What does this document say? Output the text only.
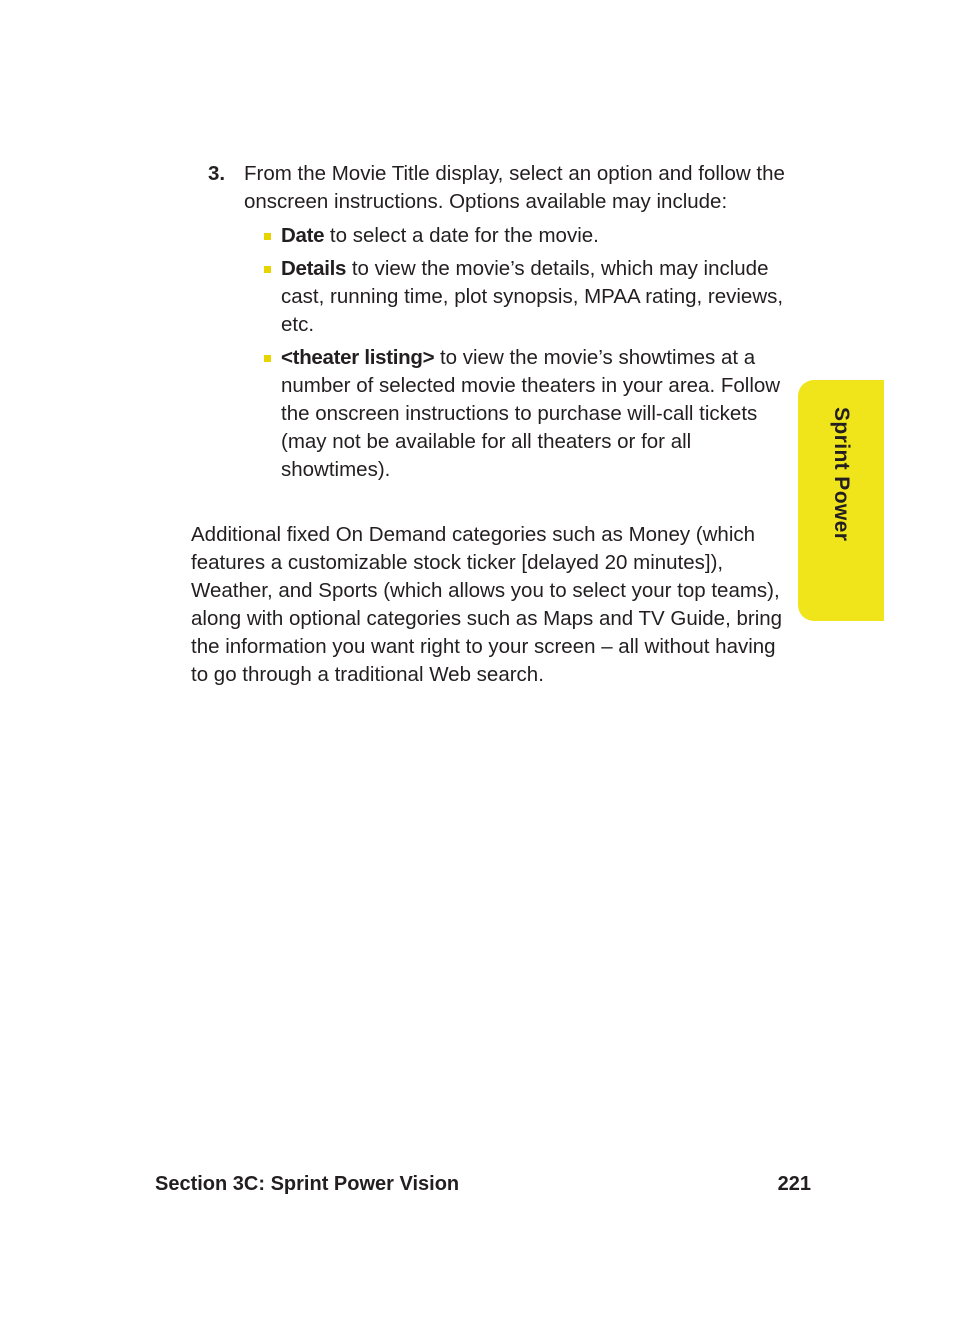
3. From the Movie Title display, select an option and follow the onscreen instructions. Options available may include:
Date to select a date for the movie.
Details to view the movie’s details, which may include cast, running time, plot synopsis, MPAA rating, reviews, etc.
<theater listing> to view the movie’s showtimes at a number of selected movie theaters in your area. Follow the onscreen instructions to purchase will-call tickets (may not be available for all theaters or for all showtimes).

Additional fixed On Demand categories such as Money (which features a customizable stock ticker [delayed 20 minutes]), Weather, and Sports (which allows you to select your top teams), along with optional categories such as Maps and TV Guide, bring the information you want right to your screen – all without having to go through a traditional Web search.

Sprint Power
Section 3C: Sprint Power Vision	221
